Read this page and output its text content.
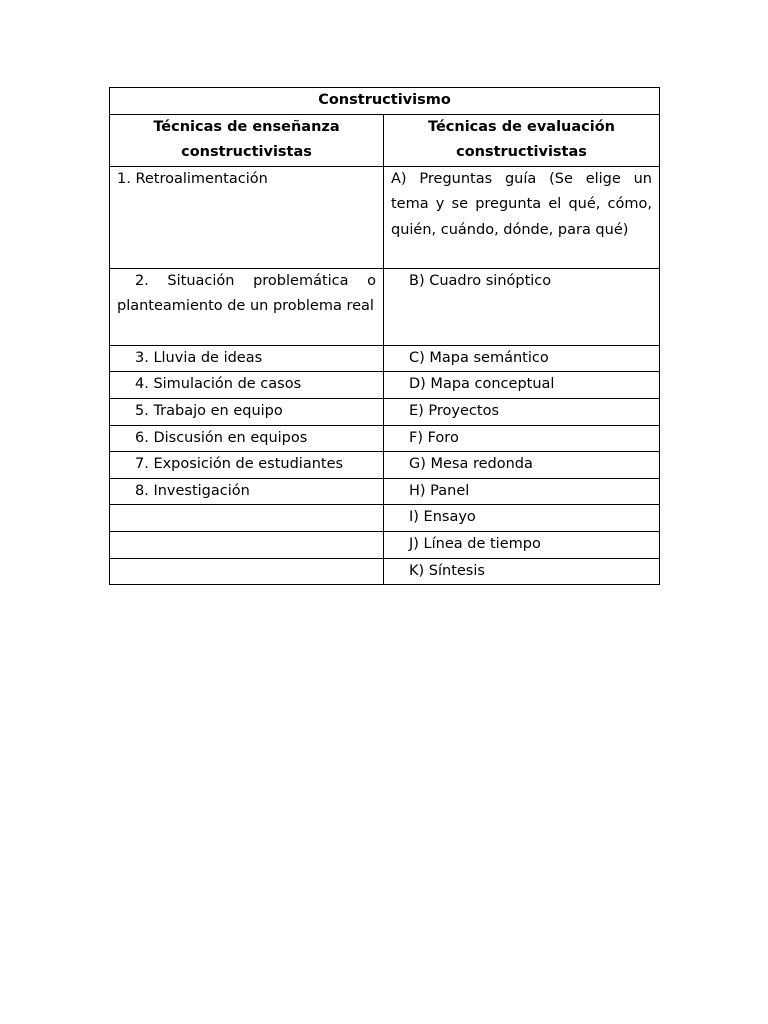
Constructivismo	
Técnicas de enseñanza constructivistas	Técnicas de evaluación constructivistas
1. Retroalimentación	A) Preguntas guía (Se elige un tema y se pregunta el qué, cómo, quién, cuándo, dónde, para qué)
2. Situación problemática o planteamiento de un problema real	B) Cuadro sinóptico
3. Lluvia de ideas	C) Mapa semántico
4. Simulación de casos	D) Mapa conceptual
5. Trabajo en equipo	E) Proyectos
6. Discusión en equipos	F) Foro
7. Exposición de estudiantes	G) Mesa redonda
8. Investigación	H) Panel
	I) Ensayo
	J) Línea de tiempo
	K) Síntesis
